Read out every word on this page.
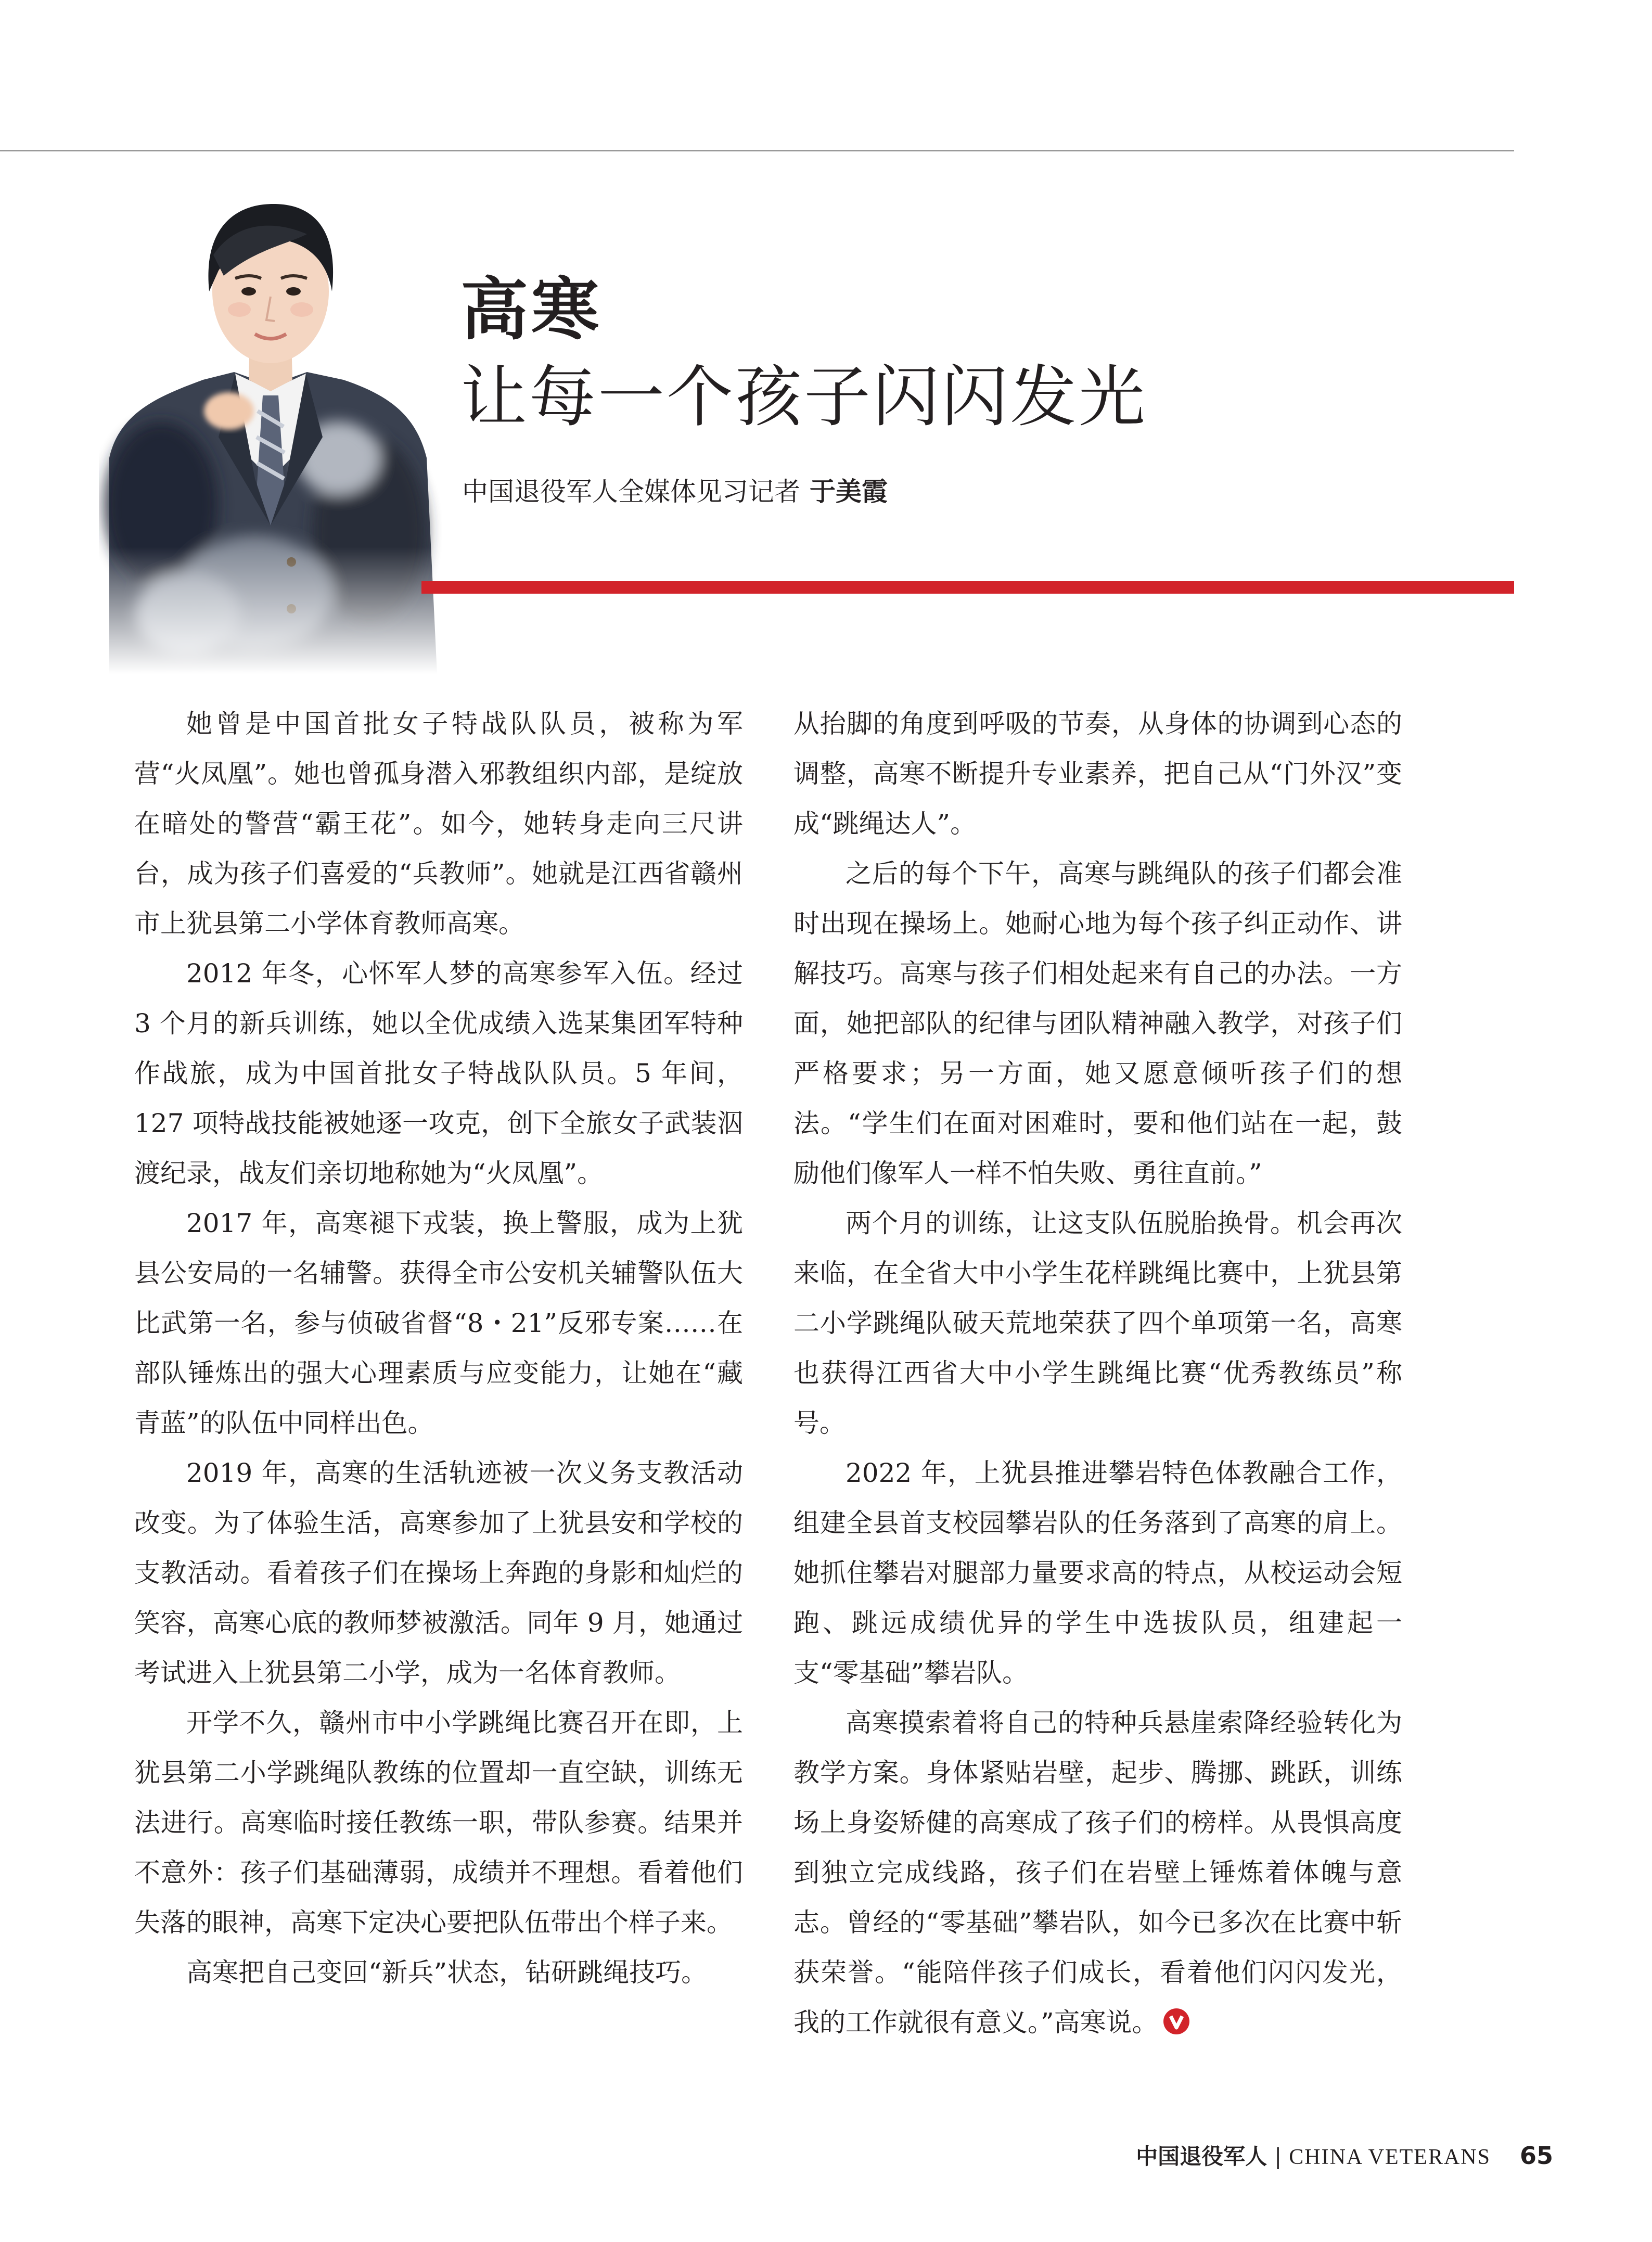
高寒
让每一个孩子闪闪发光
中国退役军人全媒体见习记者 于美霞

她曾是中国首批女子特战队队员，被称为军营“火凤凰”。她也曾孤身潜入邪教组织内部，是绽放在暗处的警营“霸王花”。如今，她转身走向三尺讲台，成为孩子们喜爱的“兵教师”。她就是江西省赣州市上犹县第二小学体育教师高寒。

2012 年冬，心怀军人梦的高寒参军入伍。经过 3 个月的新兵训练，她以全优成绩入选某集团军特种作战旅，成为中国首批女子特战队队员。5 年间，127 项特战技能被她逐一攻克，创下全旅女子武装泅渡纪录，战友们亲切地称她为“火凤凰”。

2017 年，高寒褪下戎装，换上警服，成为上犹县公安局的一名辅警。获得全市公安机关辅警队伍大比武第一名，参与侦破省督“8・21”反邪专案……在部队锤炼出的强大心理素质与应变能力，让她在“藏青蓝”的队伍中同样出色。

2019 年，高寒的生活轨迹被一次义务支教活动改变。为了体验生活，高寒参加了上犹县安和学校的支教活动。看着孩子们在操场上奔跑的身影和灿烂的笑容，高寒心底的教师梦被激活。同年 9 月，她通过考试进入上犹县第二小学，成为一名体育教师。

开学不久，赣州市中小学跳绳比赛召开在即，上犹县第二小学跳绳队教练的位置却一直空缺，训练无法进行。高寒临时接任教练一职，带队参赛。结果并不意外：孩子们基础薄弱，成绩并不理想。看着他们失落的眼神，高寒下定决心要把队伍带出个样子来。

高寒把自己变回“新兵”状态，钻研跳绳技巧。

从抬脚的角度到呼吸的节奏，从身体的协调到心态的调整，高寒不断提升专业素养，把自己从“门外汉”变成“跳绳达人”。

之后的每个下午，高寒与跳绳队的孩子们都会准时出现在操场上。她耐心地为每个孩子纠正动作、讲解技巧。高寒与孩子们相处起来有自己的办法。一方面，她把部队的纪律与团队精神融入教学，对孩子们严格要求；另一方面，她又愿意倾听孩子们的想法。“学生们在面对困难时，要和他们站在一起，鼓励他们像军人一样不怕失败、勇往直前。”

两个月的训练，让这支队伍脱胎换骨。机会再次来临，在全省大中小学生花样跳绳比赛中，上犹县第二小学跳绳队破天荒地荣获了四个单项第一名，高寒也获得江西省大中小学生跳绳比赛“优秀教练员”称号。

2022 年，上犹县推进攀岩特色体教融合工作，组建全县首支校园攀岩队的任务落到了高寒的肩上。她抓住攀岩对腿部力量要求高的特点，从校运动会短跑、跳远成绩优异的学生中选拔队员，组建起一支“零基础”攀岩队。

高寒摸索着将自己的特种兵悬崖索降经验转化为教学方案。身体紧贴岩壁，起步、腾挪、跳跃，训练场上身姿矫健的高寒成了孩子们的榜样。从畏惧高度到独立完成线路，孩子们在岩壁上锤炼着体魄与意志。曾经的“零基础”攀岩队，如今已多次在比赛中斩获荣誉。“能陪伴孩子们成长，看着他们闪闪发光，我的工作就很有意义。”高寒说。

中国退役军人 | CHINA VETERANS 65
